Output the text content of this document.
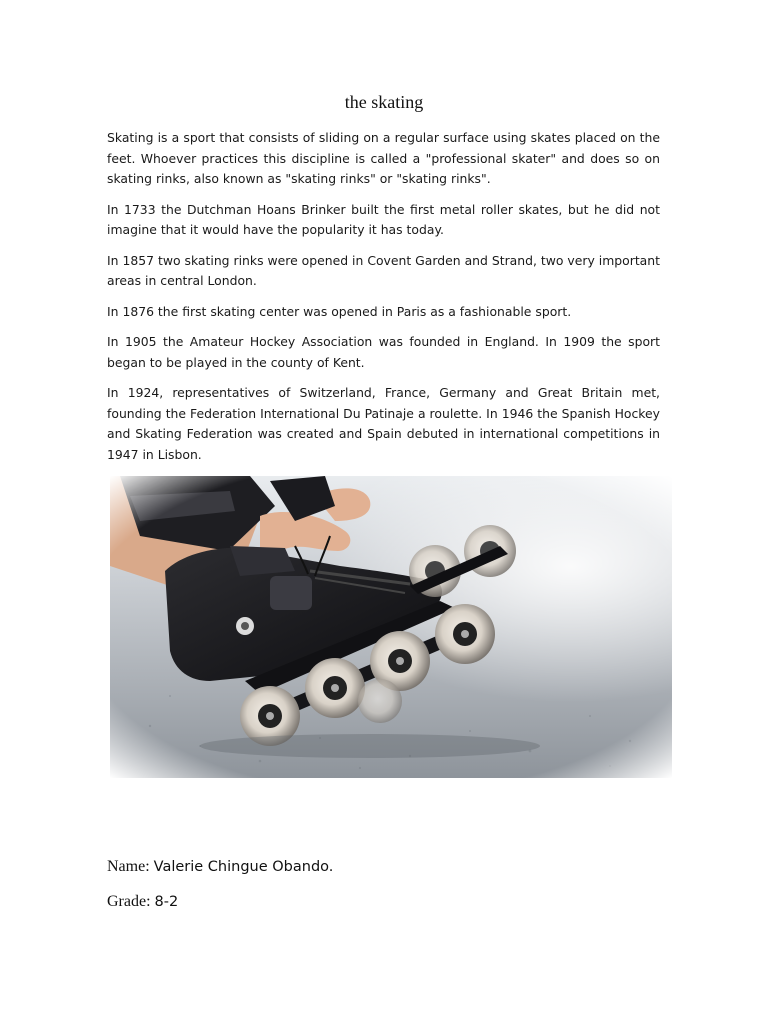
the skating

Skating is a sport that consists of sliding on a regular surface using skates placed on the feet. Whoever practices this discipline is called a "professional skater" and does so on skating rinks, also known as "skating rinks" or "skating rinks".

In 1733 the Dutchman Hoans Brinker built the first metal roller skates, but he did not imagine that it would have the popularity it has today.

In 1857 two skating rinks were opened in Covent Garden and Strand, two very important areas in central London.

In 1876 the first skating center was opened in Paris as a fashionable sport.

In 1905 the Amateur Hockey Association was founded in England. In 1909 the sport began to be played in the county of Kent.

In 1924, representatives of Switzerland, France, Germany and Great Britain met, founding the Federation International Du Patinaje a roulette. In 1946 the Spanish Hockey and Skating Federation was created and Spain debuted in international competitions in 1947 in Lisbon.

Name: Valerie Chingue Obando.
Grade: 8-2
